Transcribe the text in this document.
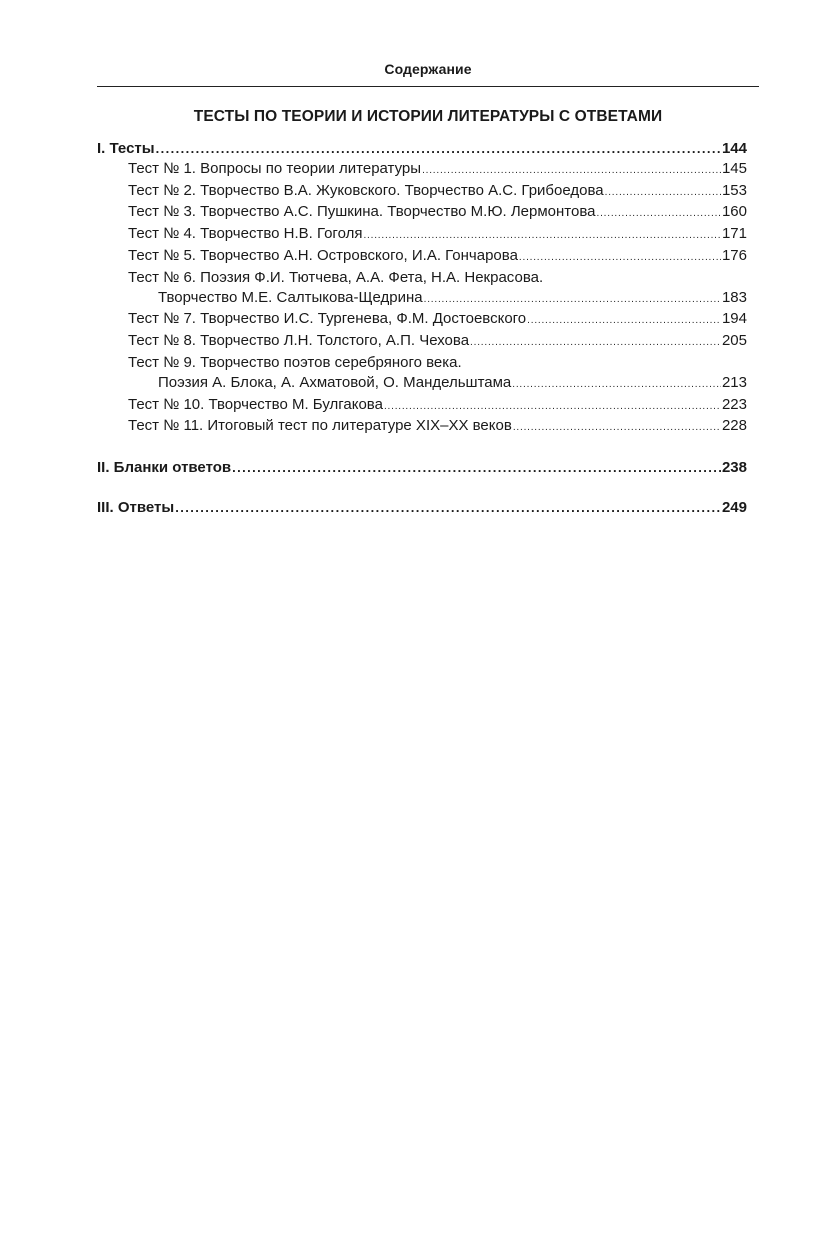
Содержание
ТЕСТЫ ПО ТЕОРИИ И ИСТОРИИ ЛИТЕРАТУРЫ С ОТВЕТАМИ
I. Тесты .....	144
Тест № 1. Вопросы по теории литературы .....	145
Тест № 2. Творчество В.А. Жуковского. Творчество А.С. Грибоедова .....	153
Тест № 3. Творчество А.С. Пушкина. Творчество М.Ю. Лермонтова .....	160
Тест № 4. Творчество Н.В. Гоголя .....	171
Тест № 5. Творчество А.Н. Островского, И.А. Гончарова .....	176
Тест № 6. Поэзия Ф.И. Тютчева, А.А. Фета, Н.А. Некрасова.
Творчество М.Е. Салтыкова-Щедрина .....	183
Тест № 7. Творчество И.С. Тургенева, Ф.М. Достоевского .....	194
Тест № 8. Творчество Л.Н. Толстого, А.П. Чехова .....	205
Тест № 9. Творчество поэтов серебряного века.
Поэзия А. Блока, А. Ахматовой, О. Мандельштама .....	213
Тест № 10. Творчество М. Булгакова .....	223
Тест № 11. Итоговый тест по литературе XIX–XX веков .....	228
II. Бланки ответов .....	238
III. Ответы .....	249
